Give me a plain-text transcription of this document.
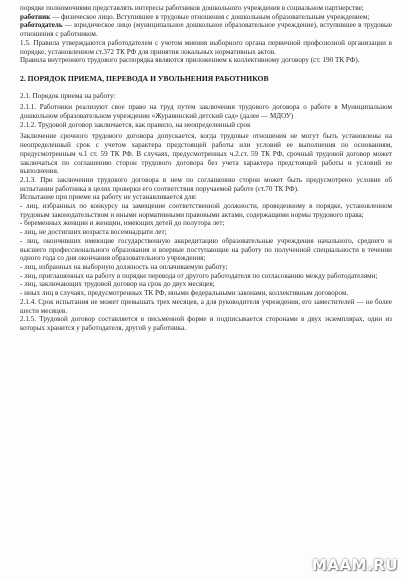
порядке полномочиями представлять интересы работников дошкольного учреждения в социальном партнерстве;

работник — физическое лицо. Вступившее в трудовые отношения с дошкольным образовательным учреждением;

работодатель — юридическое лицо (муниципальное дошкольное образовательное учреждение), вступившее в трудовые отношения с работником.

1.5. Правила утверждаются работодателем с учетом мнения выборного органа первичной профсоюзной организации в порядке, установленном ст.372 ТК РФ для принятия локальных нормативных актов.

Правила внутреннего трудового распорядка являются приложением к коллективному договору (ст. 190 ТК РФ).

2. ПОРЯДОК ПРИЕМА, ПЕРЕВОДА И УВОЛЬНЕНИЯ РАБОТНИКОВ

2.1. Порядок приема на работу:

2.1.1. Работники реализуют свое право на труд путем заключения трудового договора о работе в Муниципальном дошкольном образовательном учреждении «Журавинский детский сад» (далее — МДОУ)

2.1.2. Трудовой договор заключается, как правило, на неопределенный срок

Заключение срочного трудового договора допускается, когда трудовые отношения не могут быть установлены на неопределенный срок с учетом характера предстоящей работы или условий ее выполнения по основаниям, предусмотренным ч.1 ст. 59 ТК РФ. В случаях, предусмотренных ч.2.ст. 59 ТК РФ, срочный трудовой договор может заключаться по соглашению сторон трудового договора без учета характера предстоящей работы и условий ее выполнения.

2.1.3. При заключении трудового договора в нем по соглашению сторон может быть предусмотрено условие об испытании работника в целях проверки его соответствия поручаемой работе (ст.70 ТК РФ).

Испытание при приеме на работу не устанавливается для:

- лиц, избранных по конкурсу на замещение соответственной должности, проведенному в порядке, установленном трудовым законодательством и иными нормативными правовыми актами, содержащими нормы трудового права;

- беременных женщин и женщин, имеющих детей до полутора лет;

- лиц, не достигших возраста восемнадцати лет;

- лиц, окончивших имеющие государственную аккредитацию образовательные учреждения начального, среднего и высшего профессионального образования и впервые поступающие на работу по полученной специальности в течении одного года со дня окончания образовательного учреждения;

- лиц, избранных на выборную должность на оплачиваемую работу;

- лиц, приглашенных на работу в порядке перевода от другого работодателя по согласованию между работодателями;

- лиц, заключающих трудовой договор на срок до двух месяцев;

- иных лиц в случаях, предусмотренных ТК РФ, иными федеральными законами, коллективным договором.

2.1.4. Срок испытания не может превышать трех месяцев, а для руководителя учреждения, его заместителей — не более шести месяцев.

2.1.5. Трудовой договор составляется в письменной форме и подписывается сторонами в двух экземплярах, один из которых хранится у работодателя, другой у работника.

MAAM.RU
